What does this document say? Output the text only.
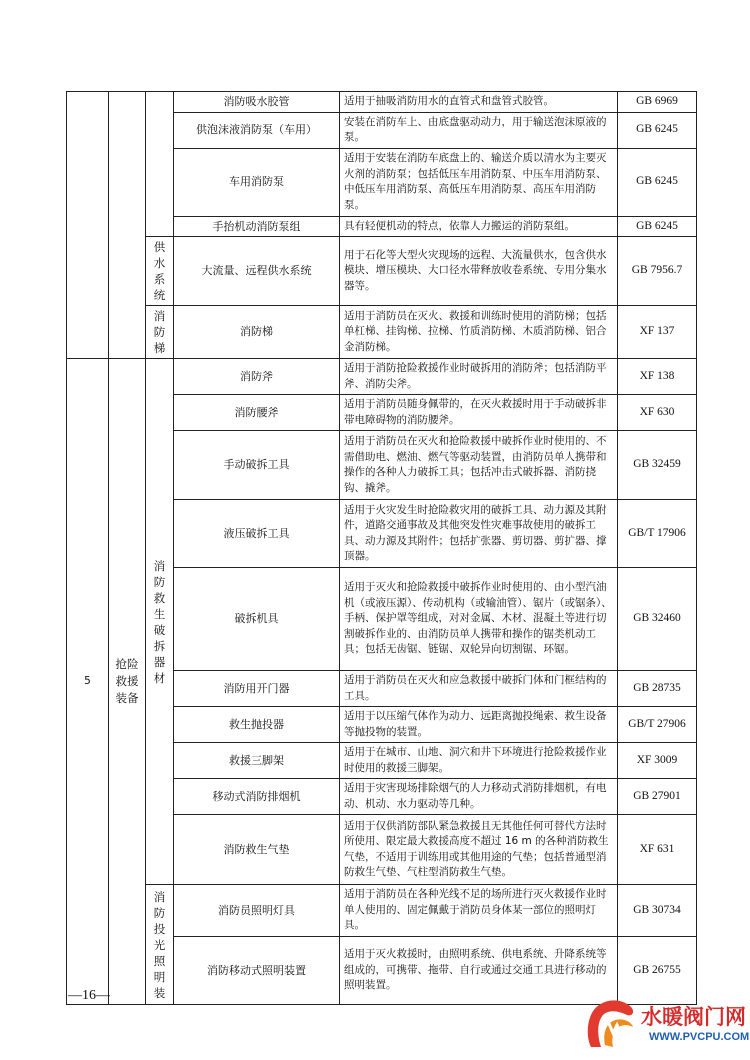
			消防吸水胶管	适用于抽吸消防用水的直管式和盘管式胶管。	GB 6969
			供泡沫液消防泵（车用）	安装在消防车上、由底盘驱动动力，用于输送泡沫原液的泵。	GB 6245
			车用消防泵	适用于安装在消防车底盘上的、输送介质以清水为主要灭火剂的消防泵；包括低压车用消防泵、中压车用消防泵、中低压车用消防泵、高低压车用消防泵、高压车用消防泵。	GB 6245
			手抬机动消防泵组	具有轻便机动的特点，依靠人力搬运的消防泵组。	GB 6245
		供水系统	大流量、远程供水系统	用于石化等大型火灾现场的远程、大流量供水，包含供水模块、增压模块、大口径水带释放收卷系统、专用分集水器等。	GB 7956.7
		消防梯	消防梯	适用于消防员在灭火、救援和训练时使用的消防梯；包括单杠梯、挂钩梯、拉梯、竹质消防梯、木质消防梯、铝合金消防梯。	XF 137
5	抢险救援装备	消防救生破拆器材	消防斧	适用于消防抢险救援作业时破拆用的消防斧；包括消防平斧、消防尖斧。	XF 138
			消防腰斧	适用于消防员随身佩带的，在灭火救援时用于手动破拆非带电障碍物的消防腰斧。	XF 630
			手动破拆工具	适用于消防员在灭火和抢险救援中破拆作业时使用的、不需借助电、燃油、燃气等驱动装置，由消防员单人携带和操作的各种人力破拆工具；包括冲击式破拆器、消防挠钩、撬斧。	GB 32459
			液压破拆工具	适用于火灾发生时抢险救灾用的破拆工具、动力源及其附件，道路交通事故及其他突发性灾难事故使用的破拆工具、动力源及其附件；包括扩张器、剪切器、剪扩器、撑顶器。	GB/T 17906
			破拆机具	适用于灭火和抢险救援中破拆作业时使用的、由小型汽油机（或液压源）、传动机构（或输油管）、锯片（或锯条）、手柄、保护罩等组成，对对金属、木材、混凝土等进行切割破拆作业的、由消防员单人携带和操作的锯类机动工具；包括无齿锯、链锯、双轮异向切割锯、环锯。	GB 32460
			消防用开门器	适用于消防员在灭火和应急救援中破拆门体和门框结构的工具。	GB 28735
			救生抛投器	适用于以压缩气体作为动力、远距离抛投绳索、救生设备等抛投物的装置。	GB/T 27906
			救援三脚架	适用于在城市、山地、洞穴和井下环境进行抢险救援作业时使用的救援三脚架。	XF 3009
			移动式消防排烟机	适用于灾害现场排除烟气的人力移动式消防排烟机，有电动、机动、水力驱动等几种。	GB 27901
			消防救生气垫	适用于仅供消防部队紧急救援且无其他任何可替代方法时所使用、限定最大救援高度不超过 16 m 的各种消防救生气垫，不适用于训练用或其他用途的气垫；包括普通型消防救生气垫、气柱型消防救生气垫。	XF 631
		消防投光照明装	消防员照明灯具	适用于消防员在各种光线不足的场所进行灭火救援作业时单人使用的、固定佩戴于消防员身体某一部位的照明灯具。	GB 30734
			消防移动式照明装置	适用于灭火救援时，由照明系统、供电系统、升降系统等组成的，可携带、拖带、自行或通过交通工具进行移动的照明装置。	GB 26755
—16—
水暖阀门网
WWW.PVCPU.COM
